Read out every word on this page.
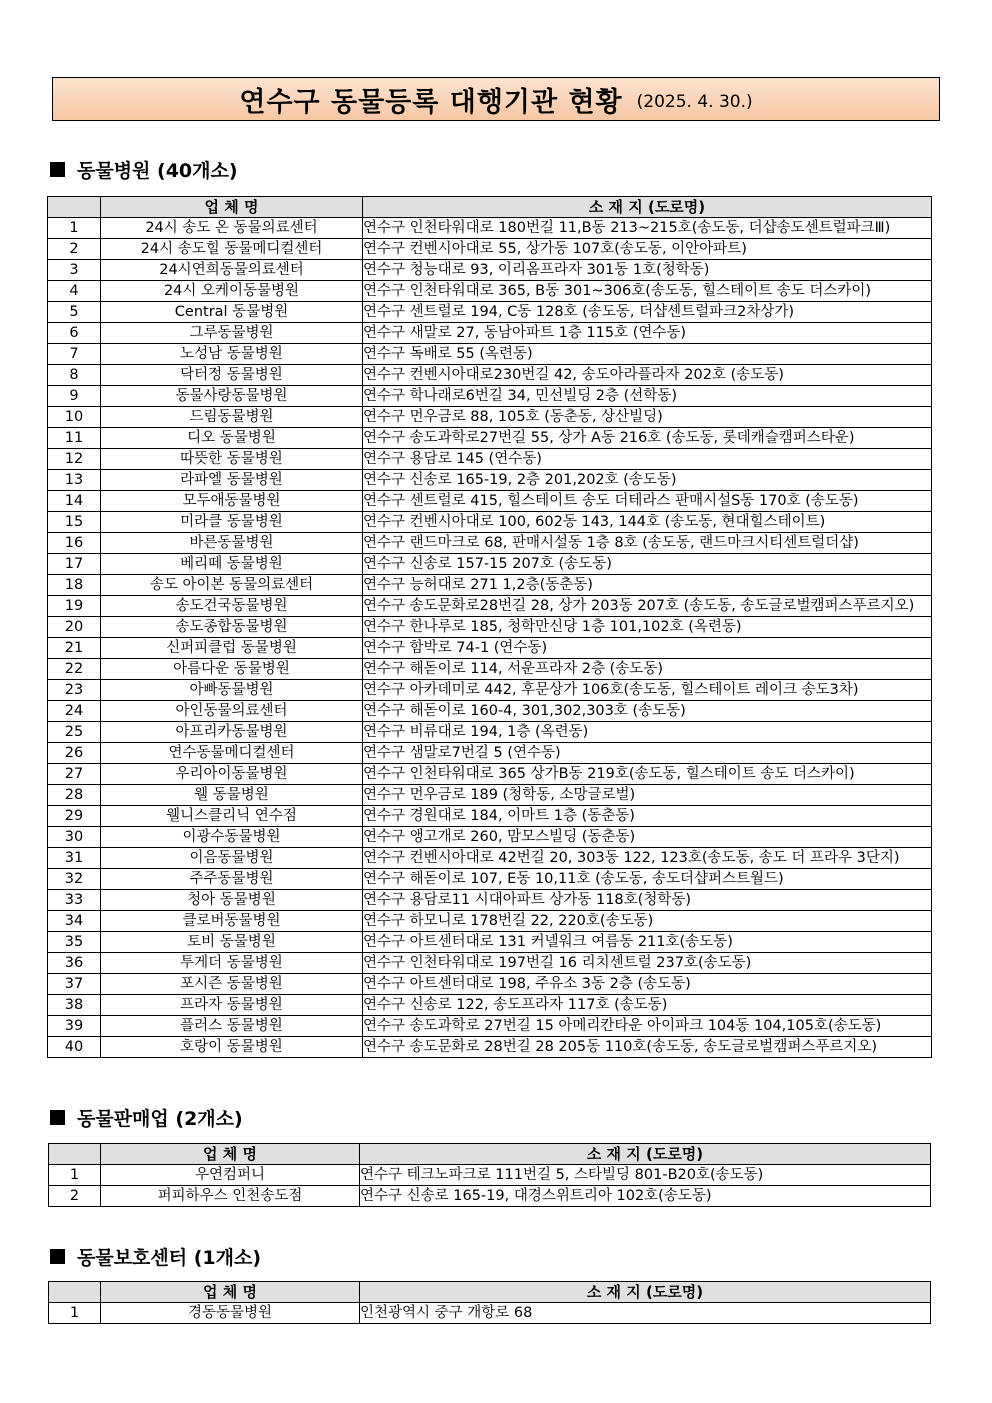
연수구 동물등록 대행기관 현황 (2025. 4. 30.)
동물병원 (40개소)
	업 체 명	소 재 지 (도로명)
1	24시 송도 온 동물의료센터	연수구 인천타워대로 180번길 11,B동 213~215호(송도동, 더샵송도센트럴파크Ⅲ)
2	24시 송도힐 동물메디컬센터	연수구 컨벤시아대로 55, 상가동 107호(송도동, 이안아파트)
3	24시연희동물의료센터	연수구 청능대로 93, 이리옴프라자 301동 1호(청학동)
4	24시 오케이동물병원	연수구 인천타워대로 365, B동 301~306호(송도동, 힐스테이트 송도 더스카이)
5	Central 동물병원	연수구 센트럴로 194, C동 128호 (송도동, 더샵센트럴파크2차상가)
6	그루동물병원	연수구 새말로 27, 동남아파트 1층 115호 (연수동)
7	노성남 동물병원	연수구 독배로 55 (옥련동)
8	닥터정 동물병원	연수구 컨벤시아대로230번길 42, 송도아라플라자 202호 (송도동)
9	동물사랑동물병원	연수구 학나래로6번길 34, 민선빌딩 2층 (선학동)
10	드림동물병원	연수구 먼우금로 88, 105호 (동춘동, 상산빌딩)
11	디오 동물병원	연수구 송도과학로27번길 55, 상가 A동 216호 (송도동, 롯데캐슬캠퍼스타운)
12	따뜻한 동물병원	연수구 용담로 145 (연수동)
13	라파엘 동물병원	연수구 신송로 165-19, 2층 201,202호 (송도동)
14	모두애동물병원	연수구 센트럴로 415, 힐스테이트 송도 더테라스 판매시설S동 170호 (송도동)
15	미라클 동물병원	연수구 컨벤시아대로 100, 602동 143, 144호 (송도동, 현대힐스테이트)
16	바른동물병원	연수구 랜드마크로 68, 판매시설동 1층 8호 (송도동, 랜드마크시티센트럴더샵)
17	베리떼 동물병원	연수구 신송로 157-15 207호 (송도동)
18	송도 아이본 동물의료센터	연수구 능허대로 271 1,2층(동춘동)
19	송도건국동물병원	연수구 송도문화로28번길 28, 상가 203동 207호 (송도동, 송도글로벌캠퍼스푸르지오)
20	송도종합동물병원	연수구 한나루로 185, 청학만신당 1층 101,102호 (옥련동)
21	신퍼피클럽 동물병원	연수구 함박로 74-1 (연수동)
22	아름다운 동물병원	연수구 해돋이로 114, 서운프라자 2층 (송도동)
23	아빠동물병원	연수구 아카데미로 442, 후문상가 106호(송도동, 힐스테이트 레이크 송도3차)
24	아인동물의료센터	연수구 해돋이로 160-4, 301,302,303호 (송도동)
25	아프리카동물병원	연수구 비류대로 194, 1층 (옥련동)
26	연수동물메디컬센터	연수구 샘말로7번길 5 (연수동)
27	우리아이동물병원	연수구 인천타워대로 365 상가B동 219호(송도동, 힐스테이트 송도 더스카이)
28	웰 동물병원	연수구 먼우금로 189 (청학동, 소망글로벌)
29	웰니스클리닉 연수점	연수구 경원대로 184, 이마트 1층 (동춘동)
30	이광수동물병원	연수구 앵고개로 260, 맘모스빌딩 (동춘동)
31	이음동물병원	연수구 컨벤시아대로 42번길 20, 303동 122, 123호(송도동, 송도 더 프라우 3단지)
32	주주동물병원	연수구 해돋이로 107, E동 10,11호 (송도동, 송도더샵퍼스트월드)
33	청아 동물병원	연수구 용담로11 시대아파트 상가동 118호(청학동)
34	클로버동물병원	연수구 하모니로 178번길 22, 220호(송도동)
35	토비 동물병원	연수구 아트센터대로 131 커넬워크 여름동 211호(송도동)
36	투게더 동물병원	연수구 인천타워대로 197번길 16 리치센트럴 237호(송도동)
37	포시즌 동물병원	연수구 아트센터대로 198, 주유소 3동 2층 (송도동)
38	프라자 동물병원	연수구 신송로 122, 송도프라자 117호 (송도동)
39	플러스 동물병원	연수구 송도과학로 27번길 15 아메리칸타운 아이파크 104동 104,105호(송도동)
40	호랑이 동물병원	연수구 송도문화로 28번길 28 205동 110호(송도동, 송도글로벌캠퍼스푸르지오)
동물판매업 (2개소)
	업 체 명	소 재 지 (도로명)
1	우연컴퍼니	연수구 테크노파크로 111번길 5, 스타빌딩 801-B20호(송도동)
2	퍼피하우스 인천송도점	연수구 신송로 165-19, 대경스위트리아 102호(송도동)
동물보호센터 (1개소)
	업 체 명	소 재 지 (도로명)
1	경동동물병원	인천광역시 중구 개항로 68
